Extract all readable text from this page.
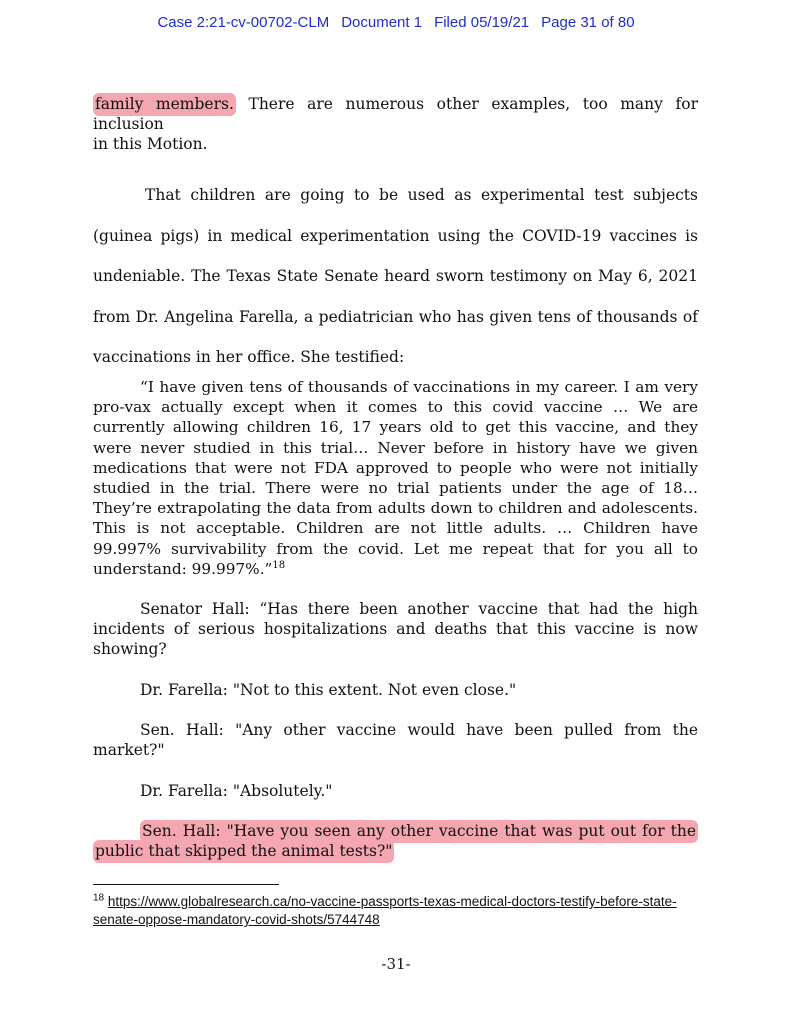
Case 2:21-cv-00702-CLM Document 1 Filed 05/19/21 Page 31 of 80
family members. There are numerous other examples, too many for inclusion
in this Motion.
That children are going to be used as experimental test subjects (guinea pigs) in medical experimentation using the COVID-19 vaccines is undeniable. The Texas State Senate heard sworn testimony on May 6, 2021 from Dr. Angelina Farella, a pediatrician who has given tens of thousands of vaccinations in her office. She testified:
“I have given tens of thousands of vaccinations in my career. I am very pro-vax actually except when it comes to this covid vaccine … We are currently allowing children 16, 17 years old to get this vaccine, and they were never studied in this trial… Never before in history have we given medications that were not FDA approved to people who were not initially studied in the trial. There were no trial patients under the age of 18… They’re extrapolating the data from adults down to children and adolescents. This is not acceptable. Children are not little adults. … Children have 99.997% survivability from the covid. Let me repeat that for you all to understand: 99.997%.”$^{18}$
Senator Hall: “Has there been another vaccine that had the high incidents of serious hospitalizations and deaths that this vaccine is now showing?
Dr. Farella: "Not to this extent. Not even close."
Sen. Hall: "Any other vaccine would have been pulled from the market?"
Dr. Farella: "Absolutely."
Sen. Hall: "Have you seen any other vaccine that was put out for the public that skipped the animal tests?"
$^{18}$ https://www.globalresearch.ca/no-vaccine-passports-texas-medical-doctors-testify-before-state-senate-oppose-mandatory-covid-shots/5744748
-31-
